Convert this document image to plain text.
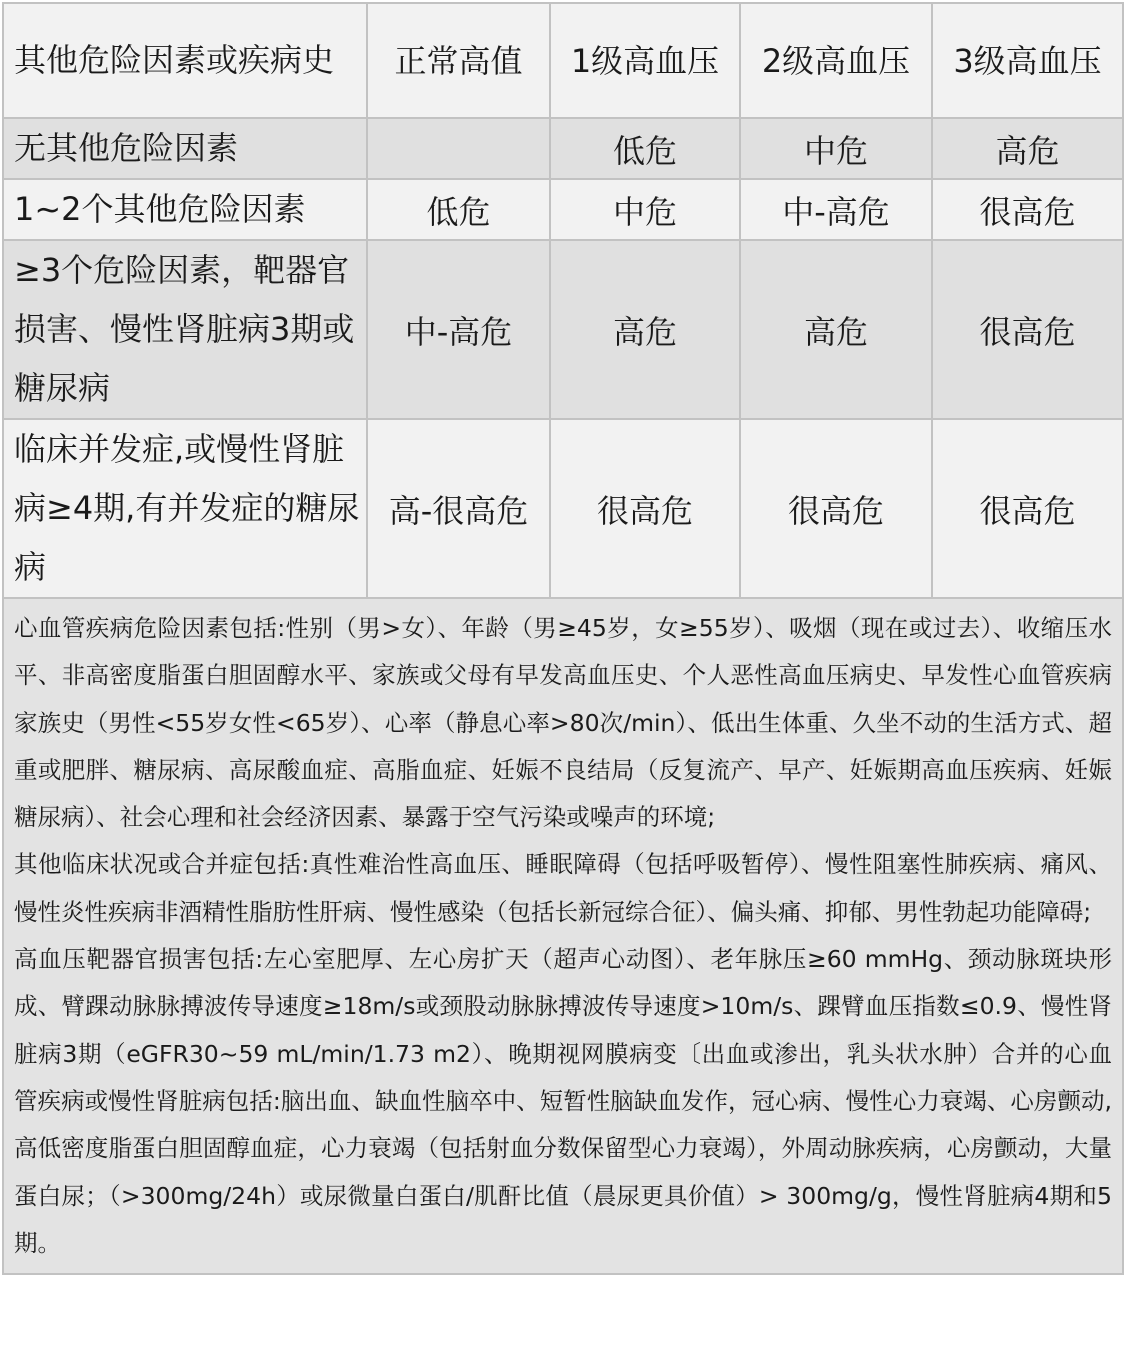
其他危险因素或疾病史	正常高值	1级高血压	2级高血压	3级高血压
无其他危险因素		低危	中危	高危
1~2个其他危险因素	低危	中危	中-高危	很高危
≥3个危险因素，靶器官损害、慢性肾脏病3期或糖尿病	中-高危	高危	高危	很高危
临床并发症,或慢性肾脏病≥4期,有并发症的糖尿病	高-很高危	很高危	很高危	很高危

心血管疾病危险因素包括:性别（男>女）、年龄（男≥45岁，女≥55岁）、吸烟（现在或过去）、收缩压水平、非高密度脂蛋白胆固醇水平、家族或父母有早发高血压史、个人恶性高血压病史、早发性心血管疾病家族史（男性<55岁女性<65岁）、心率（静息心率>80次/min）、低出生体重、久坐不动的生活方式、超重或肥胖、糖尿病、高尿酸血症、高脂血症、妊娠不良结局（反复流产、早产、妊娠期高血压疾病、妊娠糖尿病）、社会心理和社会经济因素、暴露于空气污染或噪声的环境;

其他临床状况或合并症包括:真性难治性高血压、睡眠障碍（包括呼吸暂停）、慢性阻塞性肺疾病、痛风、慢性炎性疾病非酒精性脂肪性肝病、慢性感染（包括长新冠综合征）、偏头痛、抑郁、男性勃起功能障碍;

高血压靶器官损害包括:左心室肥厚、左心房扩天（超声心动图）、老年脉压≥60 mmHg、颈动脉斑块形成、臂踝动脉脉搏波传导速度≥18m/s或颈股动脉脉搏波传导速度>10m/s、踝臂血压指数≤0.9、慢性肾脏病3期（eGFR30~59 mL/min/1.73 m2）、晚期视网膜病变〔出血或渗出，乳头状水肿）合并的心血管疾病或慢性肾脏病包括:脑出血、缺血性脑卒中、短暂性脑缺血发作，冠心病、慢性心力衰竭、心房颤动,高低密度脂蛋白胆固醇血症，心力衰竭（包括射血分数保留型心力衰竭），外周动脉疾病，心房颤动，大量蛋白尿；（>300mg/24h）或尿微量白蛋白/肌酐比值（晨尿更具价值）> 300mg/g，慢性肾脏病4期和5期。				
